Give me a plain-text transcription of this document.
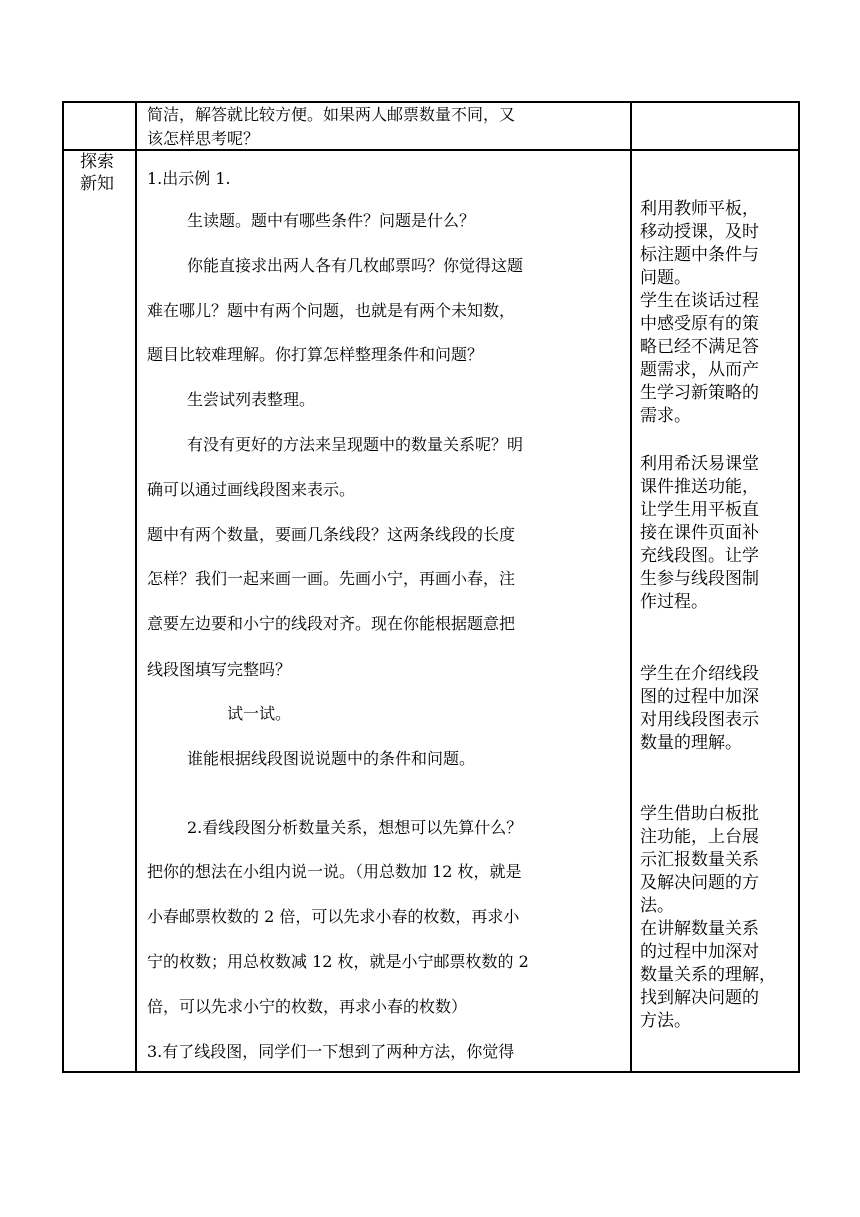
简洁，解答就比较方便。如果两人邮票数量不同，又
该怎样思考呢？
探索
新知 1.出示例 1.
生读题。题中有哪些条件？问题是什么？
你能直接求出两人各有几枚邮票吗？你觉得这题
难在哪儿？题中有两个问题，也就是有两个未知数，
题目比较难理解。你打算怎样整理条件和问题？
生尝试列表整理。
有没有更好的方法来呈现题中的数量关系呢？明
确可以通过画线段图来表示。
题中有两个数量，要画几条线段？这两条线段的长度
怎样？我们一起来画一画。先画小宁，再画小春，注
意要左边要和小宁的线段对齐。现在你能根据题意把
线段图填写完整吗？
试一试。
谁能根据线段图说说题中的条件和问题。
2.看线段图分析数量关系，想想可以先算什么？
把你的想法在小组内说一说。（用总数加 12 枚，就是
小春邮票枚数的 2 倍，可以先求小春的枚数，再求小
宁的枚数；用总枚数减 12 枚，就是小宁邮票枚数的 2
倍，可以先求小宁的枚数，再求小春的枚数）
3.有了线段图，同学们一下想到了两种方法，你觉得
利用教师平板，
移动授课，及时
标注题中条件与
问题。
学生在谈话过程
中感受原有的策
略已经不满足答
题需求，从而产
生学习新策略的
需求。
利用希沃易课堂
课件推送功能，
让学生用平板直
接在课件页面补
充线段图。让学
生参与线段图制
作过程。
学生在介绍线段
图的过程中加深
对用线段图表示
数量的理解。
学生借助白板批
注功能，上台展
示汇报数量关系
及解决问题的方
法。
在讲解数量关系
的过程中加深对
数量关系的理解，
找到解决问题的
方法。
